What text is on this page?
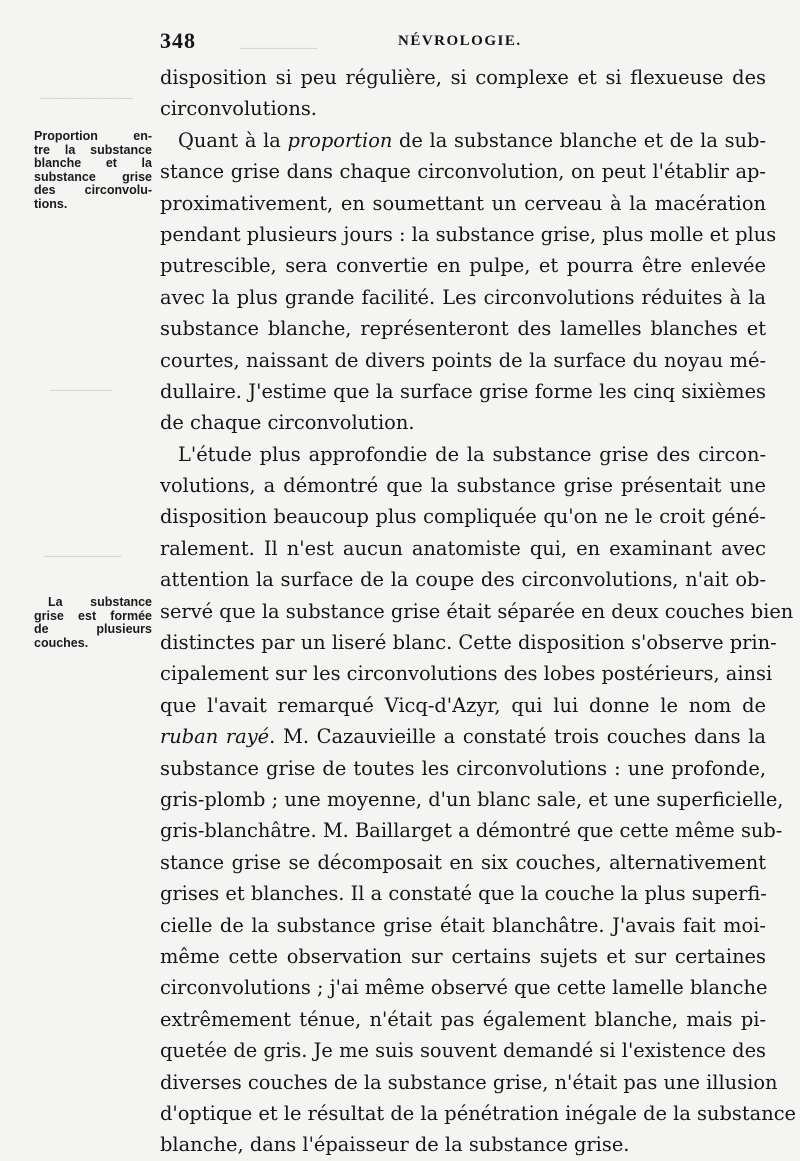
—————
——————
————
—————
348	NÉVROLOGIE.
Proportion en-
tre la substance
blanche et la
substance grise
des circonvolu-
tions.
La substance
grise est formée
de plusieurs
couches.
disposition si peu régulière, si complexe et si flexueuse des
circonvolutions.
Quant à la proportion de la substance blanche et de la sub-
stance grise dans chaque circonvolution, on peut l'établir ap-
proximativement, en soumettant un cerveau à la macération
pendant plusieurs jours : la substance grise, plus molle et plus
putrescible, sera convertie en pulpe, et pourra être enlevée
avec la plus grande facilité. Les circonvolutions réduites à la
substance blanche, représenteront des lamelles blanches et
courtes, naissant de divers points de la surface du noyau mé-
dullaire. J'estime que la surface grise forme les cinq sixièmes
de chaque circonvolution.
L'étude plus approfondie de la substance grise des circon-
volutions, a démontré que la substance grise présentait une
disposition beaucoup plus compliquée qu'on ne le croit géné-
ralement. Il n'est aucun anatomiste qui, en examinant avec
attention la surface de la coupe des circonvolutions, n'ait ob-
servé que la substance grise était séparée en deux couches bien
distinctes par un liseré blanc. Cette disposition s'observe prin-
cipalement sur les circonvolutions des lobes postérieurs, ainsi
que l'avait remarqué Vicq-d'Azyr, qui lui donne le nom de
ruban rayé. M. Cazauvieille a constaté trois couches dans la
substance grise de toutes les circonvolutions : une profonde,
gris-plomb ; une moyenne, d'un blanc sale, et une superficielle,
gris-blanchâtre. M. Baillarget a démontré que cette même sub-
stance grise se décomposait en six couches, alternativement
grises et blanches. Il a constaté que la couche la plus superfi-
cielle de la substance grise était blanchâtre. J'avais fait moi-
même cette observation sur certains sujets et sur certaines
circonvolutions ; j'ai même observé que cette lamelle blanche
extrêmement ténue, n'était pas également blanche, mais pi-
quetée de gris. Je me suis souvent demandé si l'existence des
diverses couches de la substance grise, n'était pas une illusion
d'optique et le résultat de la pénétration inégale de la substance
blanche, dans l'épaisseur de la substance grise.
